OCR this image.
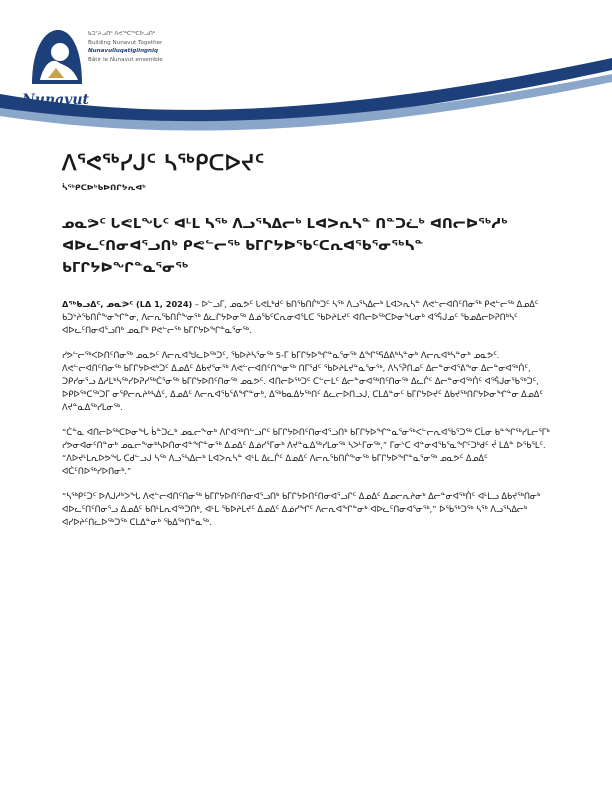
Nunavut
ᑲᑐᔾᔨᓗᑎᒃ ᐱᕙᖅᑖᖅᑕᐅᓗᑎᒃ
Building Nunavut Together
Nunavuliuqatigiingniq
Bâtir le Nunavut ensemble
ᐱᕐᕙᖅᓯᒍᑦ ᓴᖅᑭᑕᐅᔪᑦ
ᓵᖅᑭᑕᐅᒃᑲᐅᑎᒋᔭᕆᐊᒃ
ᓄᓇᕗᑦ ᒐᕙᒪᖓᑦ ᐊᒻᒪ ᓴᖅ ᐱᓗᕐᓴᐃᓕᒃ ᒪᐊᐳᕆᓴᓐ ᑎᓐᑐᓛᒃ ᐊᑎᓕᐅᖅᓱᒃ ᐊᐅᓚᑦᑎᓂᐊᕐᓗᑎᒃ ᑭᕙᓪᓕᖅ ᑲᒥᒋᔭᐅᖃᑦᑕᕆᐊᖃᕐᓂᖅᓴᓐ ᑲᒥᒋᔭᐅᖏᓐᓇᕐᓂᖅ

ᐃᖅᑲᓗᐃᑦ, ᓄᓇᕗᑦ (ᒪᐃ 1, 2024) – ᐅᓪᓗᒥ, ᓄᓇᕗᑦ ᒐᕙᒪᒃᑯᑦ ᑲᑎᖃᑎᒌᒃᑐᑦ ᓴᖅ ᐱᓗᕐᓴᐃᓕᒃ ᒪᐊᐳᕆᓴᓐ ᐱᕙᓪᓕᐊᑎᑦᑎᓂᖅ ᑭᕙᓪᓕᖅ ᐃᓄᐃᑦ ᑲᑐᔾᔨᖃᑎᒌᖕᓂᖏᓐᓂ, ᐱᓕᕆᖃᑎᒌᖕᓂᖅ ᐃᓚᒋᔭᐅᓂᖅ ᐃᓅᖃᑦᑕᕆᓂᐊᕐᒪᑕ ᖃᐅᔨᒪᔪᑦ ᐊᑎᓕᐅᖅᑕᐅᓂᖓᓂᒃ ᐊᕐᕌᒍᓄᑦ ᖃᓄᐃᓕᐅᕈᑎᒃᓴᑦ ᐊᐅᓚᑦᑎᓂᐊᕐᓗᑎᒃ ᓄᓇᒥᒃ ᑭᕙᓪᓕᖅ ᑲᒥᒋᔭᐅᖏᓐᓇᕐᓂᖅ.

ᓯᕗᓪᓕᖅᐸᐅᑎᑦᑎᓂᖅ ᓄᓇᕗᑦ ᐱᓕᕆᐊᖑᓚᐅᖅᑐᑦ, ᖃᐅᔨᓴᕐᓂᖅ 5-ᒥ ᑲᒥᒋᔭᐅᖏᓐᓇᕐᓂᖅ ᐃᖏᕐᕋᐃᕕᒃᓴᓐᓂᒃ ᐱᓕᕆᐊᒃᓴᓐᓂᒃ ᓄᓇᕗᑦ. ᐱᕙᓪᓕᐊᑎᑦᑎᓂᖅ ᑲᒥᒋᔭᐅᕙᒃᑐᑦ ᐃᓄᐃᑦ ᐃᑲᔪᕐᓂᖅ ᐱᕙᓪᓕᐊᑎᑦᑎᖕᓂᖅ ᑎᒥᖁᑦ ᖃᐅᔨᒪᔪᓐᓇᕐᓂᖅ, ᐱᓴᕐᕉᑎᓄᑦ ᐃᓕᓐᓂᐊᕐᕕᖕᓂ ᐃᓕᓐᓂᐊᖅᑏᑦ, ᑐᑭᓯᓂᕐᓗ ᐃᓱᒪᒃᓴᖅᓯᐅᕈᓯᖅᑖᕐᓂᖅ ᑲᒥᒋᔭᐅᑎᑦᑎᓂᖅ ᓄᓇᕗᑦ. ᐊᑎᓕᐅᖅᑐᑦ ᑕᓪᓕᒪᑦ ᐃᓕᓐᓂᐊᖅᑎᑦᑎᓂᖅ ᐃᓚᒌᑦ ᐃᓕᓐᓂᐊᖅᑏᑦ ᐊᕐᕌᒍᓂᖃᖅᑐᑦ, ᐅᑭᐅᖅᑕᖅᑐᒥ ᓂᕿᓕᕆᔨᒃᓴᐃᑦ, ᐃᓄᐃᑦ ᐱᓕᕆᐊᖃᕐᕕᖏᓐᓂᒃ, ᐃᖅᑲᓇᐃᔭᖅᑎᑦ ᐃᓚᓕᐅᑎᓗᒍ, ᑕᒪᐃᓐᓂᑦ ᑲᒥᒋᔭᐅᔪᑦ ᐃᑲᔪᖅᑎᒋᔭᐅᓂᖏᓐᓂ ᐃᓄᐃᑦ ᐱᔪᓐᓇᐃᖅᓯᒪᓂᖅ.

“ᑖᓐᓇ ᐊᑎᓕᐅᖅᑕᐅᓂᖓ ᑳᓐᑐᓛᒃ ᓄᓇᓕᖕᓂᒃ ᐱᒋᐊᖅᑎᓪᓗᒋᑦ ᑲᒥᒋᔭᐅᑎᑦᑎᓂᐊᕐᓗᑎᒃ ᑲᒥᒋᔭᐅᖏᓐᓇᕐᓂᖅᐸᓪᓕᕆᐊᖃᕐᑐᖅ ᑕᒫᓂ ᑲᓐᖏᖅᓯᒪᓕᕐᒥᒃ ᓯᕗᓂᐊᓂᑦᑎᓐᓂᒃ ᓄᓇᓕᖕᓂᒃᓴᐅᑎᓂᐊᓐᖏᓐᓂᖅ ᐃᓄᐃᑦ ᐃᓅᓯᕐᒥᓂᒃ ᐱᔪᓐᓇᐃᖅᓯᒪᓂᖅ ᓴᐳᒻᒥᓂᖅ,” ᒥᓂᔅᑕ ᐊᓐᓂᐊᖃᕐᓇᖏᑦᑐᒃᑯᑦ ᔫ ᒪᐃᓐ ᐅᖃᕐᒪᑦ. “ᐱᐅᔪᒻᒪᕆᐅᕗᖓ ᑕᑯᓪᓗᒍ ᓴᖅ ᐱᓗᕐᓴᐃᓕᒃ ᒪᐊᐳᕆᓴᓐ ᐊᒻᒪ ᐃᓚᒌᑦ ᐃᓄᐃᑦ ᐱᓕᕆᖃᑎᒌᖕᓂᖅ ᑲᒥᒋᔭᐅᖏᓐᓇᕐᓂᖅ ᓄᓇᕗᑦ ᐃᓄᐃᑦ ᐊᑖᑦᑎᐅᖅᓯᐅᑎᓂᒃ.”

“ᓴᖅᑭᑦᑐᑦ ᐅᐱᒍᓱᒃᐳᖓ ᐱᕙᓪᓕᐊᑎᑦᑎᓂᖅ ᑲᒥᒋᔭᐅᑎᑦᑎᓂᐊᕐᓗᑎᒃ ᑲᒥᒋᔭᐅᑎᑦᑎᓂᐊᕐᓗᒋᑦ ᐃᓄᐃᑦ ᐃᓄᓕᕆᔨᓂᒃ ᐃᓕᓐᓂᐊᖅᑏᑦ ᐊᒻᒪᓗ ᐃᑲᔪᖅᑎᓂᒃ ᐊᐅᓚᑦᑎᑦᑎᓂᕐᓗ ᐃᓄᐃᑦ ᑲᑎᒻᒪᕆᐊᖅᑐᑎᒃ, ᐊᒻᒪ ᖃᐅᔨᒪᔪᑦ ᐃᓄᐃᑦ ᐃᓅᓯᖏᑦ ᐱᓕᕆᐊᖏᓐᓂᒃ ᐊᐅᓚᑦᑎᓂᐊᕐᓂᖅ,” ᐅᖃᖅᑐᖅ ᓴᖅ ᐱᓗᕐᓴᐃᓕᒃ ᐊᓯᐅᔨᑦᑎᓚᐅᖅᑐᖅ ᑕᒪᐃᓐᓂᒃ ᖃᐃᖅᑎᓐᓇᖅ.
